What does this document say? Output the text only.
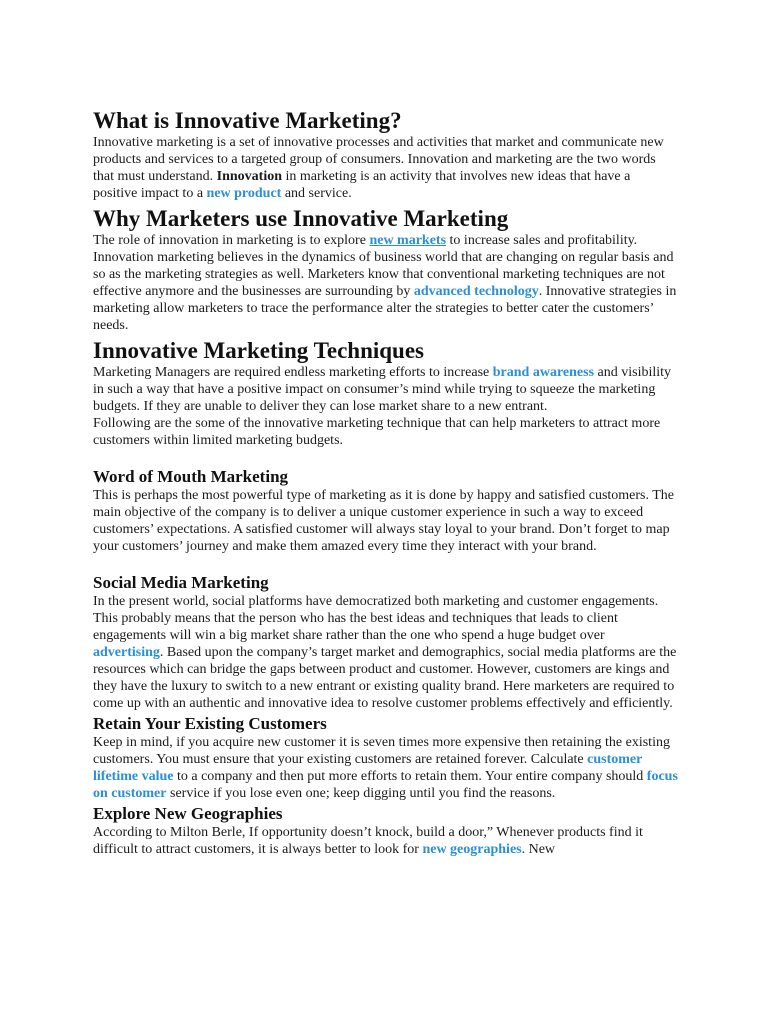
What is Innovative Marketing?

Innovative marketing is a set of innovative processes and activities that market and communicate new products and services to a targeted group of consumers. Innovation and marketing are the two words that must understand. Innovation in marketing is an activity that involves new ideas that have a positive impact to a new product and service.

Why Marketers use Innovative Marketing

The role of innovation in marketing is to explore new markets to increase sales and profitability. Innovation marketing believes in the dynamics of business world that are changing on regular basis and so as the marketing strategies as well. Marketers know that conventional marketing techniques are not effective anymore and the businesses are surrounding by advanced technology. Innovative strategies in marketing allow marketers to trace the performance alter the strategies to better cater the customers’ needs.

Innovative Marketing Techniques

Marketing Managers are required endless marketing efforts to increase brand awareness and visibility in such a way that have a positive impact on consumer’s mind while trying to squeeze the marketing budgets. If they are unable to deliver they can lose market share to a new entrant.

Following are the some of the innovative marketing technique that can help marketers to attract more customers within limited marketing budgets.

Word of Mouth Marketing

This is perhaps the most powerful type of marketing as it is done by happy and satisfied customers. The main objective of the company is to deliver a unique customer experience in such a way to exceed customers’ expectations. A satisfied customer will always stay loyal to your brand. Don’t forget to map your customers’ journey and make them amazed every time they interact with your brand.

Social Media Marketing

In the present world, social platforms have democratized both marketing and customer engagements. This probably means that the person who has the best ideas and techniques that leads to client engagements will win a big market share rather than the one who spend a huge budget over advertising. Based upon the company’s target market and demographics, social media platforms are the resources which can bridge the gaps between product and customer. However, customers are kings and they have the luxury to switch to a new entrant or existing quality brand. Here marketers are required to come up with an authentic and innovative idea to resolve customer problems effectively and efficiently.

Retain Your Existing Customers

Keep in mind, if you acquire new customer it is seven times more expensive then retaining the existing customers. You must ensure that your existing customers are retained forever. Calculate customer lifetime value to a company and then put more efforts to retain them. Your entire company should focus on customer service if you lose even one; keep digging until you find the reasons.

Explore New Geographies

According to Milton Berle, If opportunity doesn’t knock, build a door,” Whenever products find it difficult to attract customers, it is always better to look for new geographies. New
